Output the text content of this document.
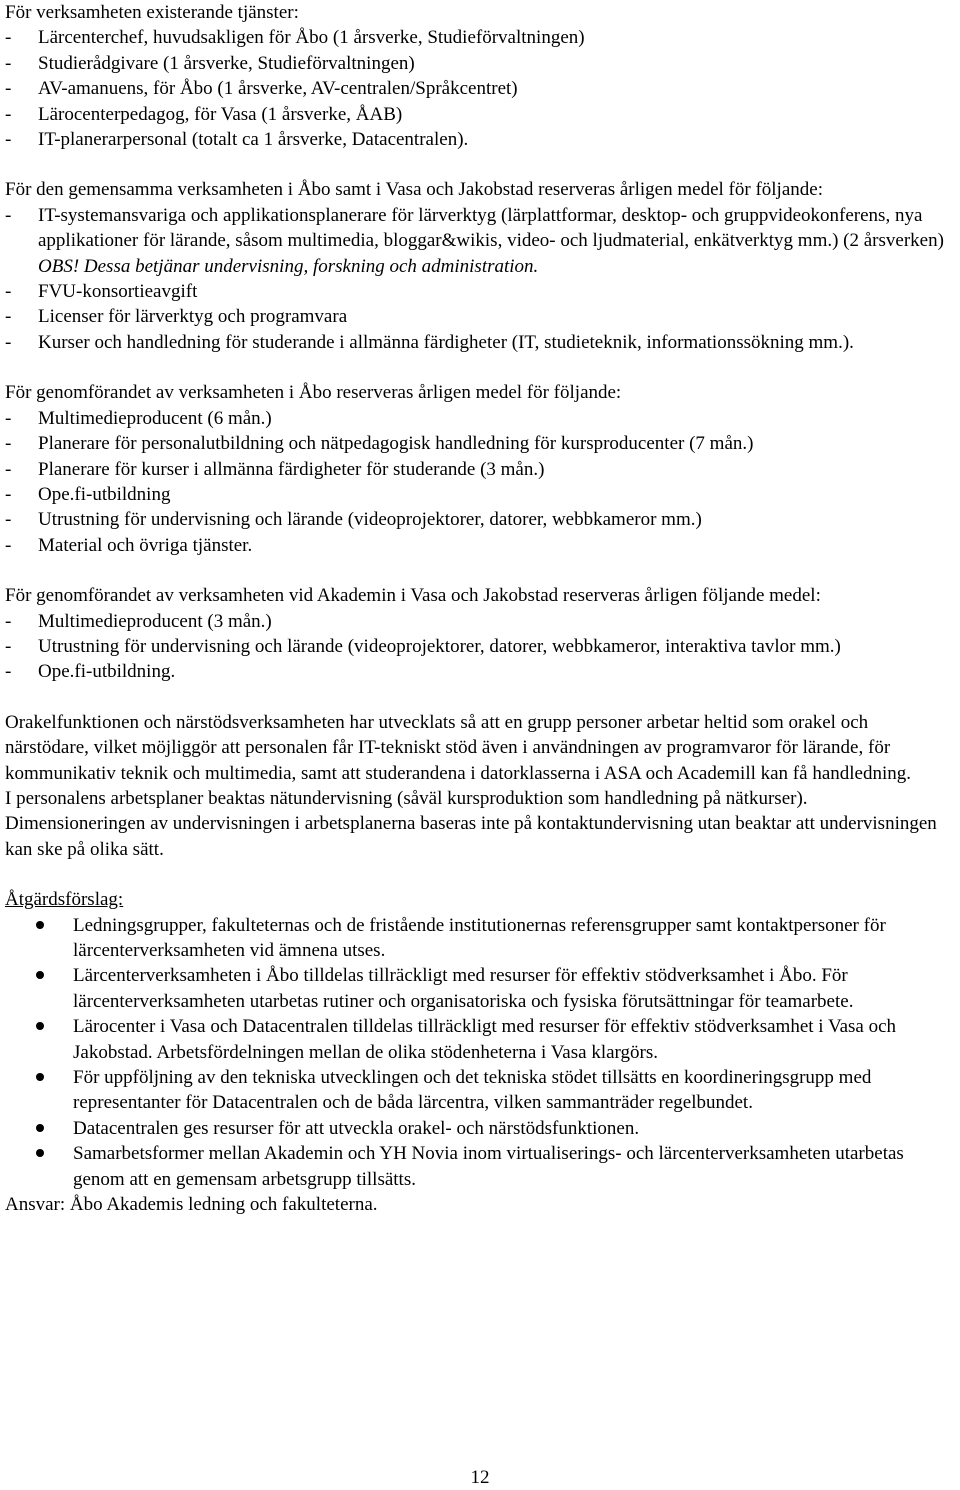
För verksamheten existerande tjänster:

- Lärcenterchef, huvudsakligen för Åbo (1 årsverke, Studieförvaltningen)
- Studierådgivare (1 årsverke, Studieförvaltningen)
- AV-amanuens, för Åbo (1 årsverke, AV-centralen/Språkcentret)
- Lärocenterpedagog, för Vasa (1 årsverke, ÅAB)
- IT-planerarpersonal (totalt ca 1 årsverke, Datacentralen).

För den gemensamma verksamheten i Åbo samt i Vasa och Jakobstad reserveras årligen medel för följande:

- IT-systemansvariga och applikationsplanerare för lärverktyg (lärplattformar, desktop- och gruppvideokonferens, nya applikationer för lärande, såsom multimedia, bloggar&wikis, video- och ljudmaterial, enkätverktyg mm.) (2 årsverken) OBS! Dessa betjänar undervisning, forskning och administration.
- FVU-konsortieavgift
- Licenser för lärverktyg och programvara
- Kurser och handledning för studerande i allmänna färdigheter (IT, studieteknik, informationssökning mm.).

För genomförandet av verksamheten i Åbo reserveras årligen medel för följande:

- Multimedieproducent (6 mån.)
- Planerare för personalutbildning och nätpedagogisk handledning för kursproducenter (7 mån.)
- Planerare för kurser i allmänna färdigheter för studerande (3 mån.)
- Ope.fi-utbildning
- Utrustning för undervisning och lärande (videoprojektorer, datorer, webbkameror mm.)
- Material och övriga tjänster.

För genomförandet av verksamheten vid Akademin i Vasa och Jakobstad reserveras årligen följande medel:

- Multimedieproducent (3 mån.)
- Utrustning för undervisning och lärande (videoprojektorer, datorer, webbkameror, interaktiva tavlor mm.)
- Ope.fi-utbildning.

Orakelfunktionen och närstödsverksamheten har utvecklats så att en grupp personer arbetar heltid som orakel och närstödare, vilket möjliggör att personalen får IT-tekniskt stöd även i användningen av programvaror för lärande, för kommunikativ teknik och multimedia, samt att studerandena i datorklasserna i ASA och Academill kan få handledning.

I personalens arbetsplaner beaktas nätundervisning (såväl kursproduktion som handledning på nätkurser).

Dimensioneringen av undervisningen i arbetsplanerna baseras inte på kontaktundervisning utan beaktar att undervisningen kan ske på olika sätt.

Åtgärdsförslag:

Ledningsgrupper, fakulteternas och de fristående institutionernas referensgrupper samt kontaktpersoner för lärcenterverksamheten vid ämnena utses.
Lärcenterverksamheten i Åbo tilldelas tillräckligt med resurser för effektiv stödverksamhet i Åbo. För lärcenterverksamheten utarbetas rutiner och organisatoriska och fysiska förutsättningar för teamarbete.
Lärocenter i Vasa och Datacentralen tilldelas tillräckligt med resurser för effektiv stödverksamhet i Vasa och Jakobstad. Arbetsfördelningen mellan de olika stödenheterna i Vasa klargörs.
För uppföljning av den tekniska utvecklingen och det tekniska stödet tillsätts en koordineringsgrupp med representanter för Datacentralen och de båda lärcentra, vilken sammanträder regelbundet.
Datacentralen ges resurser för att utveckla orakel- och närstödsfunktionen.
Samarbetsformer mellan Akademin och YH Novia inom virtualiserings- och lärcenterverksamheten utarbetas genom att en gemensam arbetsgrupp tillsätts.

Ansvar: Åbo Akademis ledning och fakulteterna.

12
